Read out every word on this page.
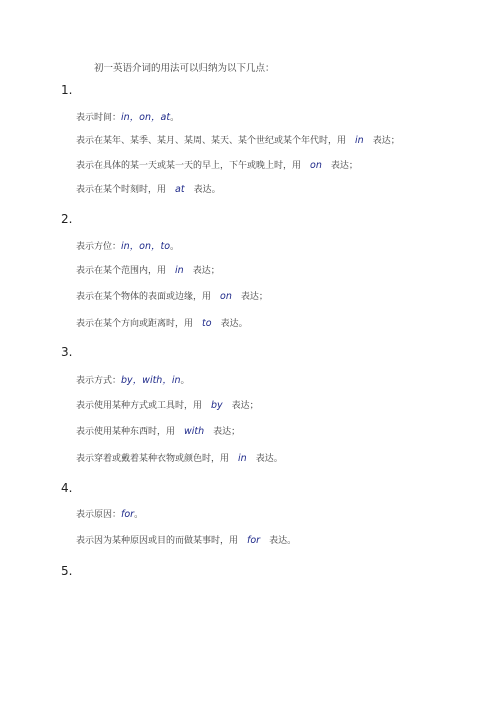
初一英语介词的用法可以归纳为以下几点：
1.
表示时间：in，on，at。
表示在某年、某季、某月、某周、某天、某个世纪或某个年代时，用 in 表达；
表示在具体的某一天或某一天的早上，下午或晚上时，用 on 表达；
表示在某个时刻时，用 at 表达。
2.
表示方位：in，on，to。
表示在某个范围内，用 in 表达；
表示在某个物体的表面或边缘，用 on 表达；
表示在某个方向或距离时，用 to 表达。
3.
表示方式：by，with，in。
表示使用某种方式或工具时，用 by 表达；
表示使用某种东西时，用 with 表达；
表示穿着或戴着某种衣物或颜色时，用 in 表达。
4.
表示原因：for。
表示因为某种原因或目的而做某事时，用 for 表达。
5.
